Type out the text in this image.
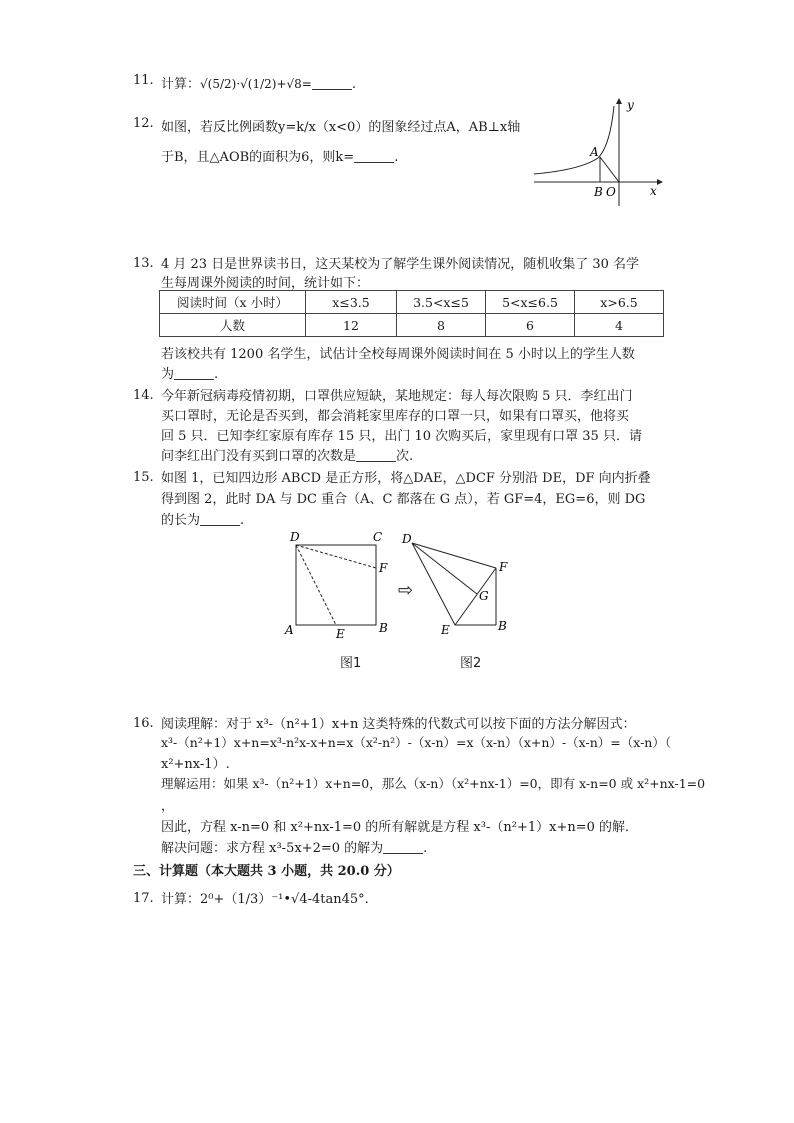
11. 计算：√(5/2)·√(1/2)+√8=	.
12. 如图，若反比例函数y=k/x（x<0）的图象经过点A，AB⊥x轴
于B，且△AOB的面积为6，则k=	.	A
B O	x
y
13. 4 月 23 日是世界读书日，这天某校为了解学生课外阅读情况，随机收集了 30 名学
生每周课外阅读的时间，统计如下：
阅读时间（x 小时）	x≤3.5	3.5<x≤5	5<x≤6.5	x>6.5
人数	12	8	6	4
若该校共有 1200 名学生，试估计全校每周课外阅读时间在 5 小时以上的学生人数
为	.
14. 今年新冠病毒疫情初期，口罩供应短缺，某地规定：每人每次限购 5 只．李红出门
买口罩时，无论是否买到，都会消耗家里库存的口罩一只，如果有口罩买，他将买
回 5 只．已知李红家原有库存 15 只，出门 10 次购买后，家里现有口罩 35 只．请
问李红出门没有买到口罩的次数是	次.
15. 如图 1，已知四边形 ABCD 是正方形，将△DAE，△DCF 分别沿 DE，DF 向内折叠
得到图 2，此时 DA 与 DC 重合（A、C 都落在 G 点），若 GF=4，EG=6，则 DG
的长为	.
D	C
F
A	E	B
⇨
D
F
G
E	B
图1	图2
16. 阅读理解：对于 x³-（n²+1）x+n 这类特殊的代数式可以按下面的方法分解因式：
x³-（n²+1）x+n=x³-n²x-x+n=x（x²-n²）-（x-n）=x（x-n）（x+n）-（x-n）=（x-n）（
x²+nx-1）.
理解运用：如果 x³-（n²+1）x+n=0，那么（x-n）（x²+nx-1）=0，即有 x-n=0 或 x²+nx-1=0
，
因此，方程 x-n=0 和 x²+nx-1=0 的所有解就是方程 x³-（n²+1）x+n=0 的解．
解决问题：求方程 x³-5x+2=0 的解为	.
三、计算题（本大题共 3 小题，共 20.0 分）
17. 计算：2⁰+（1/3）⁻¹•√4-4tan45°.
